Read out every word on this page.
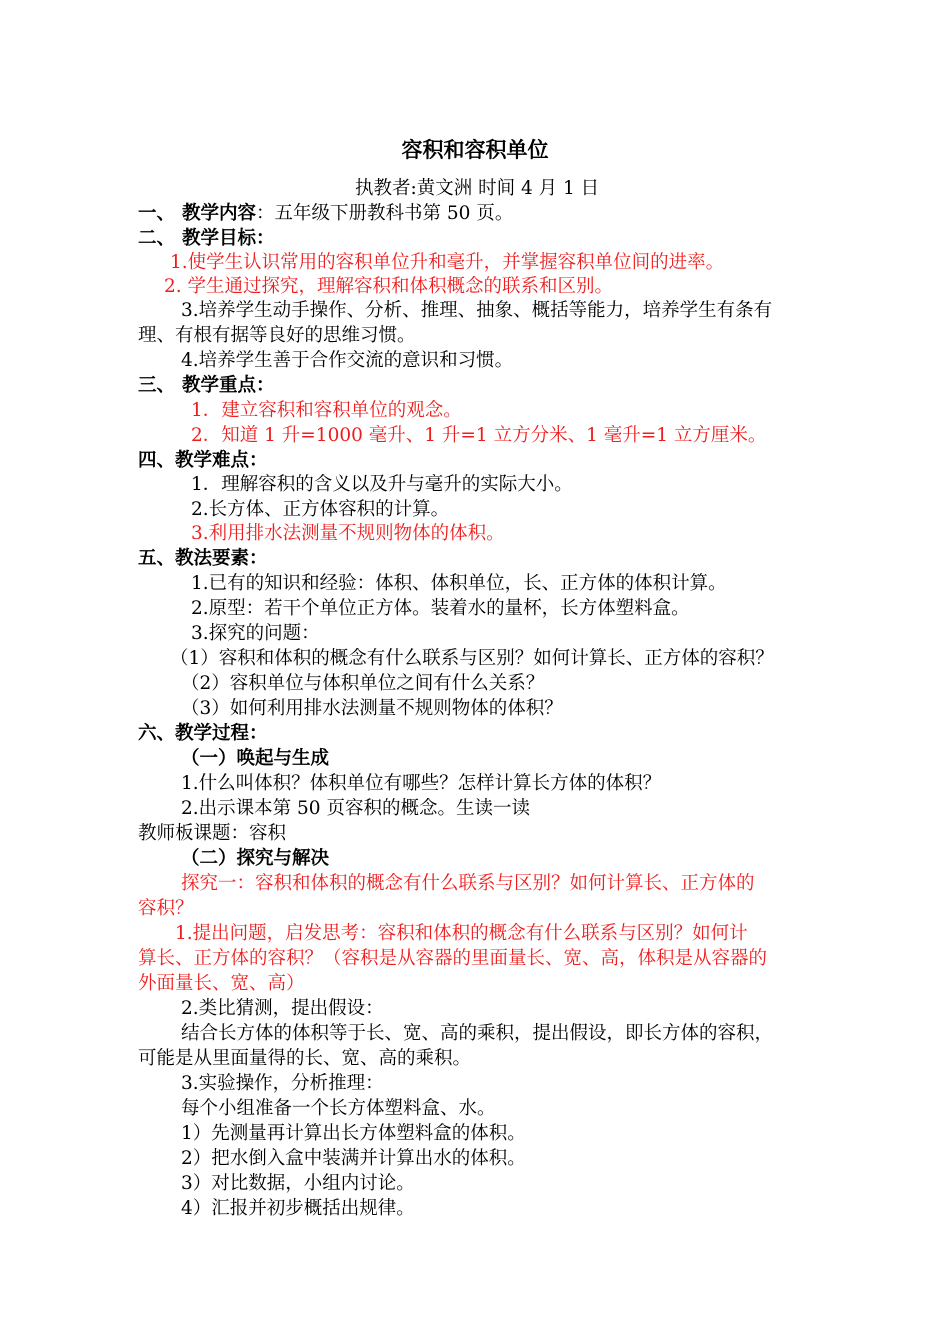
容积和容积单位
执教者:黄文洲 时间 4 月 1 日
一、 教学内容：五年级下册教科书第 50 页。
二、 教学目标：
1.使学生认识常用的容积单位升和毫升，并掌握容积单位间的进率。
2. 学生通过探究，理解容积和体积概念的联系和区别。
3.培养学生动手操作、分析、推理、抽象、概括等能力，培养学生有条有
理、有根有据等良好的思维习惯。
4.培养学生善于合作交流的意识和习惯。
三、 教学重点：
1．建立容积和容积单位的观念。
2．知道 1 升=1000 毫升、1 升=1 立方分米、1 毫升=1 立方厘米。
四、教学难点：
1．理解容积的含义以及升与毫升的实际大小。
2.长方体、正方体容积的计算。
3.利用排水法测量不规则物体的体积。
五、教法要素：
1.已有的知识和经验：体积、体积单位，长、正方体的体积计算。
2.原型：若干个单位正方体。装着水的量杯，长方体塑料盒。
3.探究的问题：
（1）容积和体积的概念有什么联系与区别？如何计算长、正方体的容积？
（2）容积单位与体积单位之间有什么关系？
（3）如何利用排水法测量不规则物体的体积？
六、教学过程：
（一）唤起与生成
1.什么叫体积？体积单位有哪些？怎样计算长方体的体积？
2.出示课本第 50 页容积的概念。生读一读
教师板课题：容积
（二）探究与解决
探究一：容积和体积的概念有什么联系与区别？如何计算长、正方体的
容积？
1.提出问题，启发思考：容积和体积的概念有什么联系与区别？如何计
算长、正方体的容积？（容积是从容器的里面量长、宽、高，体积是从容器的
外面量长、宽、高）
2.类比猜测，提出假设：
结合长方体的体积等于长、宽、高的乘积，提出假设，即长方体的容积，
可能是从里面量得的长、宽、高的乘积。
3.实验操作，分析推理：
每个小组准备一个长方体塑料盒、水。
1）先测量再计算出长方体塑料盒的体积。
2）把水倒入盒中装满并计算出水的体积。
3）对比数据，小组内讨论。
4）汇报并初步概括出规律。
